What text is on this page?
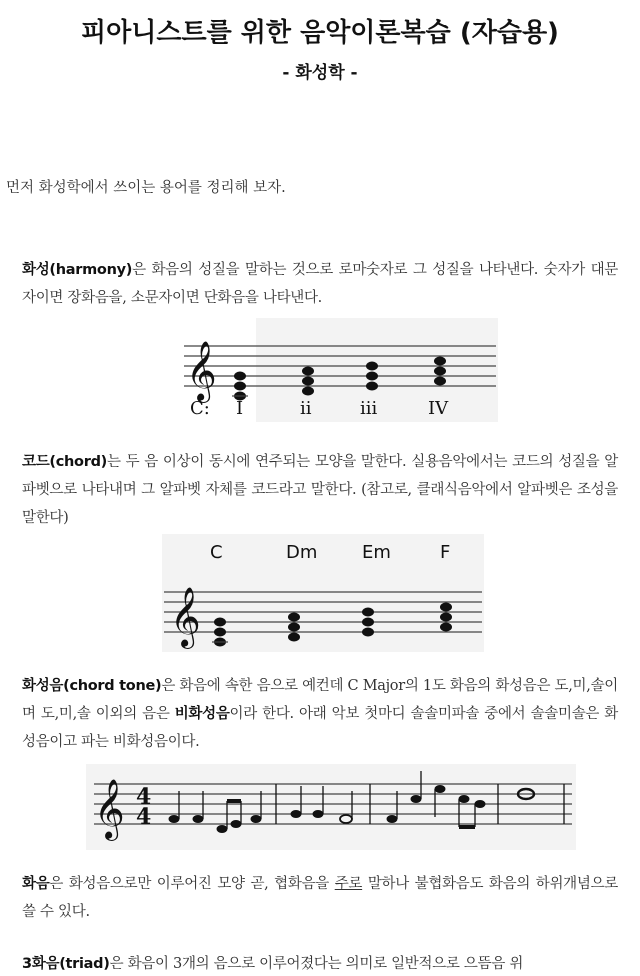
피아니스트를 위한 음악이론복습 (자습용)
- 화성학 -
먼저 화성학에서 쓰이는 용어를 정리해 보자.
화성(harmony)은 화음의 성질을 말하는 것으로 로마숫자로 그 성질을 나타낸다. 숫자가 대문자이면 장화음을, 소문자이면 단화음을 나타낸다.
𝄞
C: I	ii	iii	IV
코드(chord)는 두 음 이상이 동시에 연주되는 모양을 말한다. 실용음악에서는 코드의 성질을 알파벳으로 나타내며 그 알파벳 자체를 코드라고 말한다. (참고로, 클래식음악에서 알파벳은 조성을 말한다)
C	Dm Em	F
𝄞
화성음(chord tone)은 화음에 속한 음으로 예컨데 C Major의 1도 화음의 화성음은 도,미,솔이며 도,미,솔 이외의 음은 비화성음이라 한다. 아래 악보 첫마디 솔솔미파솔 중에서 솔솔미솔은 화성음이고 파는 비화성음이다.
𝄞 4
4
화음은 화성음으로만 이루어진 모양 곧, 협화음을 주로 말하나 불협화음도 화음의 하위개념으로 쓸 수 있다.
3화음(triad)은 화음이 3개의 음으로 이루어졌다는 의미로 일반적으로 으뜸음 위
